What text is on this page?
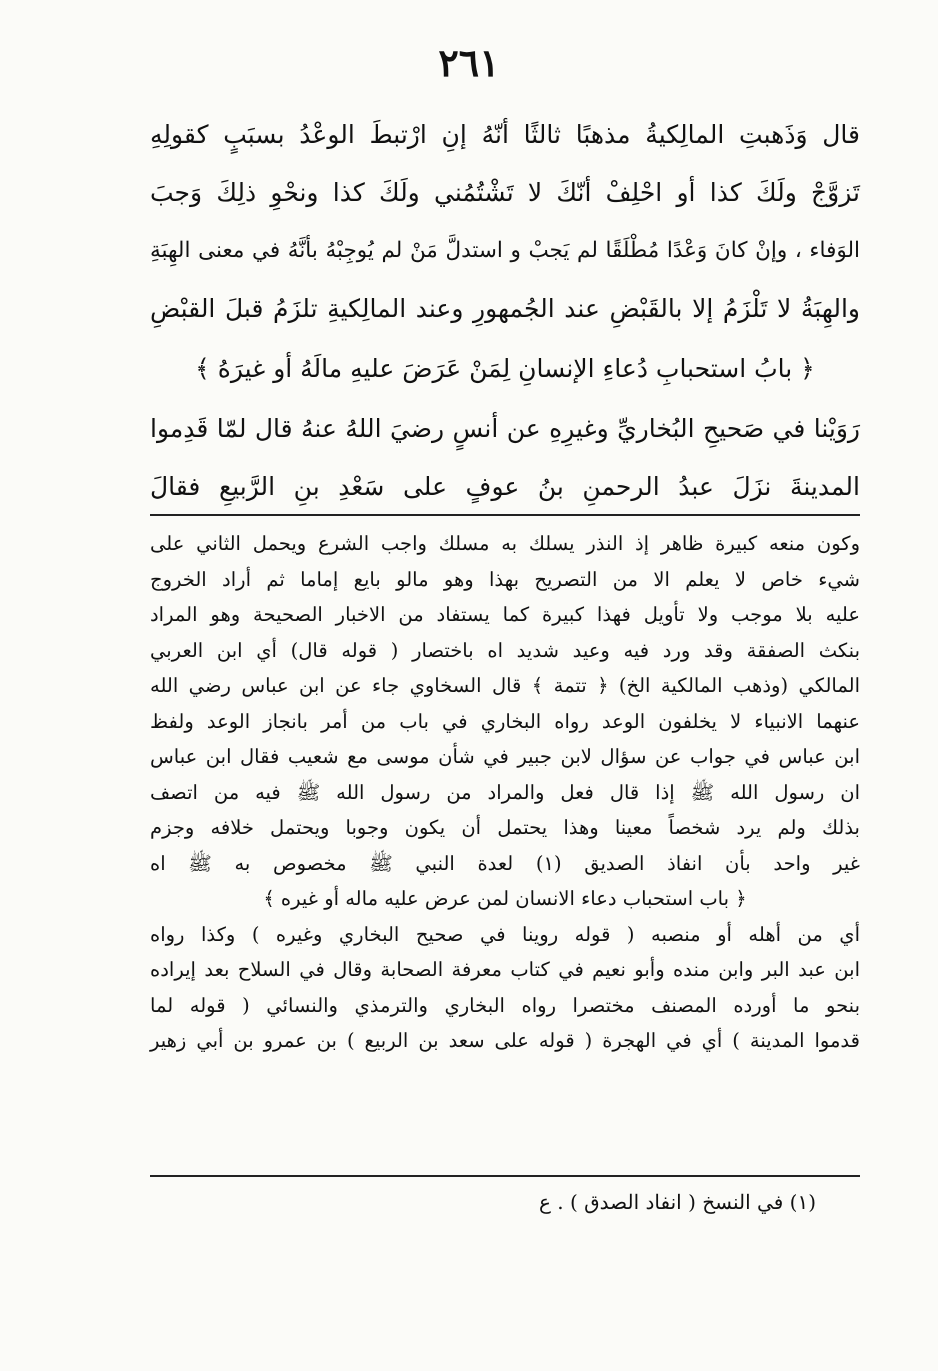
٢٦١
قال وَذَهبتِ المالِكيةُ مذهبًا ثالثًا أنّهُ إنِ ارْتبطَ الوعْدُ بسبَبٍ كقولِهِ
تَزوَّجْ ولَكَ كذا أو احْلِفْ أنّكَ لا تَشْتُمُني ولَكَ كذا ونحْوِ ذلِكَ وَجبَ
الوَفاء ، وإنْ كانَ وَعْدًا مُطْلَقًا لم يَجبْ و استدلَّ مَنْ لم يُوجِبْهُ بأنَّهُ في معنى الهِبَةِ
والهِبَةُ لا تَلْزَمُ إلا بالقَبْضِ عند الجُمهورِ وعند المالِكيةِ تلزَمُ قبلَ القبْضِ
﴿ بابُ استحبابِ دُعاءِ الإنسانِ لِمَنْ عَرَضَ عليهِ مالَهُ أو غيرَهُ ﴾
رَوَيْنا في صَحيحِ البُخاريِّ وغيرِهِ عن أنسٍ رضيَ اللهُ عنهُ قال لمّا قَدِموا
المدينةَ نزَلَ عبدُ الرحمنِ بنُ عوفٍ على سَعْدِ بنِ الرَّبيعِ فقالَ
وكون منعه كبيرة ظاهر إذ النذر يسلك به مسلك واجب الشرع ويحمل الثاني على
شيء خاص لا يعلم الا من التصريح بهذا وهو مالو بايع إماما ثم أراد الخروج
عليه بلا موجب ولا تأويل فهذا كبيرة كما يستفاد من الاخبار الصحيحة وهو المراد
بنكث الصفقة وقد ورد فيه وعيد شديد اه باختصار ( قوله قال) أي ابن العربي
المالكي (وذهب المالكية الخ) ﴿ تتمة ﴾ قال السخاوي جاء عن ابن عباس رضي الله
عنهما الانبياء لا يخلفون الوعد رواه البخاري في باب من أمر بانجاز الوعد ولفظ
ابن عباس في جواب عن سؤال لابن جبير في شأن موسى مع شعيب فقال ابن عباس
ان رسول الله ﷺ إذا قال فعل والمراد من رسول الله ﷺ فيه من اتصف
بذلك ولم يرد شخصاً معينا وهذا يحتمل أن يكون وجوبا ويحتمل خلافه وجزم
غير واحد بأن انفاذ الصديق (١) لعدة النبي ﷺ مخصوص به ﷺ اه
﴿ باب استحباب دعاء الانسان لمن عرض عليه ماله أو غيره ﴾
أي من أهله أو منصبه ( قوله روينا في صحيح البخاري وغيره ) وكذا رواه
ابن عبد البر وابن منده وأبو نعيم في كتاب معرفة الصحابة وقال في السلاح بعد إيراده
بنحو ما أورده المصنف مختصرا رواه البخاري والترمذي والنسائي ( قوله لما
قدموا المدينة ) أي في الهجرة ( قوله على سعد بن الربيع ) بن عمرو بن أبي زهير
(١) في النسخ ( انفاد الصدق ) . ع
